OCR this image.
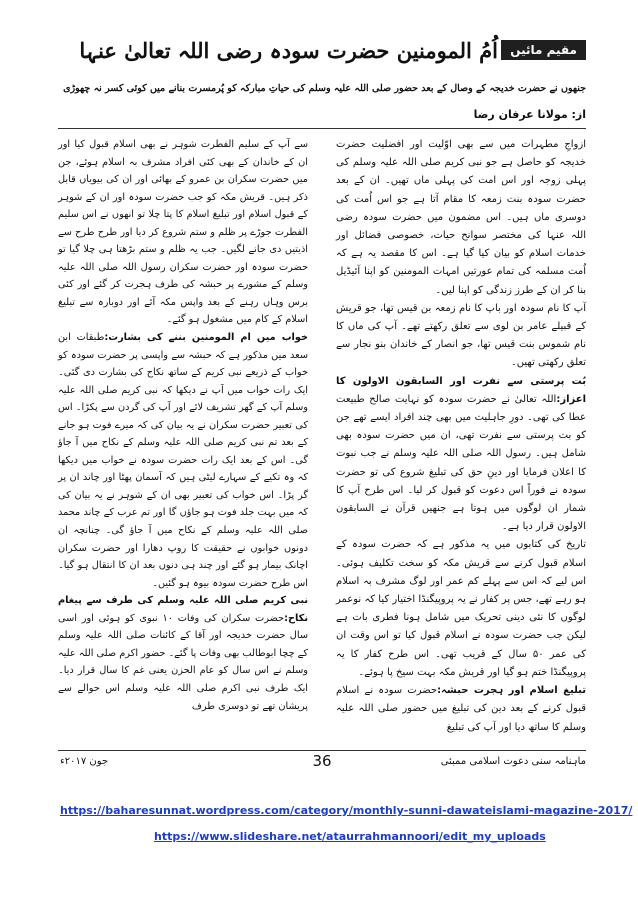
مقیم مائیں
اُمُ المومنین حضرت سودہ رضی اللہ تعالیٰ عنہا
جنھوں نے حضرت خدیجہ کے وصال کے بعد حضور صلی اللہ علیہ وسلم کی حیاتِ مبارکہ کو پُرمسرت بنانے میں کوئی کسر نہ چھوڑی
از: مولانا عرفان رضا

ازواجِ مطہرات میں سے بھی اوّلیت اور افضلیت حضرت خدیجہ کو حاصل ہے جو نبی کریم صلی اللہ علیہ وسلم کی پہلی زوجہ اور اس امت کی پہلی ماں تھیں۔ ان کے بعد حضرت سودہ بنت زمعہ کا مقام آتا ہے جو اس اُمت کی دوسری ماں ہیں۔ اس مضمون میں حضرت سودہ رضی اللہ عنہا کی مختصر سوانح حیات، خصوصی فضائل اور خدمات اسلام کو بیان کیا گیا ہے۔ اس کا مقصد یہ ہے کہ اُمت مسلمہ کی تمام عورتیں امہات المومنین کو اپنا آئیڈیل بنا کر ان کے طرز زندگی کو اپنا لیں۔

آپ کا نام سودہ اور باپ کا نام زمعہ بن قیس تھا، جو قریش کے قبیلے عامر بن لوی سے تعلق رکھتے تھے۔ آپ کی ماں کا نام شموس بنت قیس تھا، جو انصار کے خاندان بنو نجار سے تعلق رکھتی تھیں۔

بُت پرستی سے نفرت اور السابقون الاولون کا اعزاز:اللہ تعالیٰ نے حضرت سودہ کو نہایت صالح طبیعت عطا کی تھی۔ دورِ جاہلیت میں بھی چند افراد ایسے تھے جن کو بت پرستی سے نفرت تھی، ان میں حضرت سودہ بھی شامل ہیں۔ رسول اللہ صلی اللہ علیہ وسلم نے جب نبوت کا اعلان فرمایا اور دینِ حق کی تبلیغ شروع کی تو حضرت سودہ نے فوراً اس دعوت کو قبول کر لیا۔ اس طرح آپ کا شمار ان لوگوں میں ہوتا ہے جنھیں قرآن نے السابقون الاولون قرار دیا ہے۔

تاریخ کی کتابوں میں یہ مذکور ہے کہ حضرت سودہ کے اسلام قبول کرنے سے قریش مکہ کو سخت تکلیف ہوئی۔ اس لیے کہ اس سے پہلے کم عمر اور لوگ مشرف بہ اسلام ہو رہے تھے، جس پر کفار نے یہ پروپیگنڈا اختیار کیا کہ نوعمر لوگوں کا نئی دینی تحریک میں شامل ہونا فطری بات ہے لیکن جب حضرت سودہ نے اسلام قبول کیا تو اس وقت ان کی عمر ۵۰ سال کے قریب تھی۔ اس طرح کفار کا یہ پروپیگنڈا ختم ہو گیا اور قریش مکہ بہت سیخ پا ہوئے۔

تبلیغ اسلام اور ہجرت حبشہ:حضرت سودہ نے اسلام قبول کرنے کے بعد دین کی تبلیغ میں حضور صلی اللہ علیہ وسلم کا ساتھ دیا اور آپ کی تبلیغ

سے آپ کے سلیم الفطرت شوہر نے بھی اسلام قبول کیا اور ان کے خاندان کے بھی کئی افراد مشرف بہ اسلام ہوئے، جن میں حضرت سکران بن عمرو کے بھائی اور ان کی بیویاں قابل ذکر ہیں۔ قریش مکہ کو جب حضرت سودہ اور ان کے شوہر کے قبول اسلام اور تبلیغ اسلام کا پتا چلا تو انھوں نے اس سلیم الفطرت جوڑے پر ظلم و ستم شروع کر دیا اور طرح طرح سے اذیتیں دی جانے لگیں۔ جب یہ ظلم و ستم بڑھتا ہی چلا گیا تو حضرت سودہ اور حضرت سکران رسول اللہ صلی اللہ علیہ وسلم کے مشورے پر حبشہ کی طرف ہجرت کر گئے اور کئی برس وہاں رہنے کے بعد واپس مکہ آئے اور دوبارہ سے تبلیغ اسلام کے کام میں مشغول ہو گئے۔

خواب میں ام المومنین بننے کی بشارت:طبقات ابن سعد میں مذکور ہے کہ حبشہ سے واپسی پر حضرت سودہ کو خواب کے ذریعے نبی کریم کے ساتھ نکاح کی بشارت دی گئی۔ ایک رات خواب میں آپ نے دیکھا کہ نبی کریم صلی اللہ علیہ وسلم آپ کے گھر تشریف لائے اور آپ کی گردن سے پکڑا۔ اس کی تعبیر حضرت سکران نے یہ بیان کی کہ میرے فوت ہو جانے کے بعد تم نبی کریم صلی اللہ علیہ وسلم کے نکاح میں آ جاؤ گی۔ اس کے بعد ایک رات حضرت سودہ نے خواب میں دیکھا کہ وہ تکیے کے سہارے لیٹی ہیں کہ آسمان پھٹا اور چاند ان پر گر پڑا۔ اس خواب کی تعبیر بھی ان کے شوہر نے یہ بیان کی کہ میں بہت جلد فوت ہو جاؤں گا اور تم عرب کے چاند محمد صلی اللہ علیہ وسلم کے نکاح میں آ جاؤ گی۔ چنانچہ ان دونوں خوابوں نے حقیقت کا روپ دھارا اور حضرت سکران اچانک بیمار ہو گئے اور چند ہی دنوں بعد ان کا انتقال ہو گیا۔ اس طرح حضرت سودہ بیوہ ہو گئیں۔

نبی کریم صلی اللہ علیہ وسلم کی طرف سے پیغام نکاح:حضرت سکران کی وفات ۱۰ نبوی کو ہوئی اور اسی سال حضرت خدیجہ اور آقا کے کائنات صلی اللہ علیہ وسلم کے چچا ابوطالب بھی وفات پا گئے۔ حضور اکرم صلی اللہ علیہ وسلم نے اس سال کو عام الحزن یعنی غم کا سال قرار دیا۔ ایک طرف نبی اکرم صلی اللہ علیہ وسلم اس حوالے سے پریشان تھے تو دوسری طرف

ماہنامہ سنی دعوت اسلامی ممبئی
36
جون ۲۰۱۷ء
https://baharesunnat.wordpress.com/category/monthly-sunni-dawateislami-magazine-2017/
https://www.slideshare.net/ataurrahmannoori/edit_my_uploads
